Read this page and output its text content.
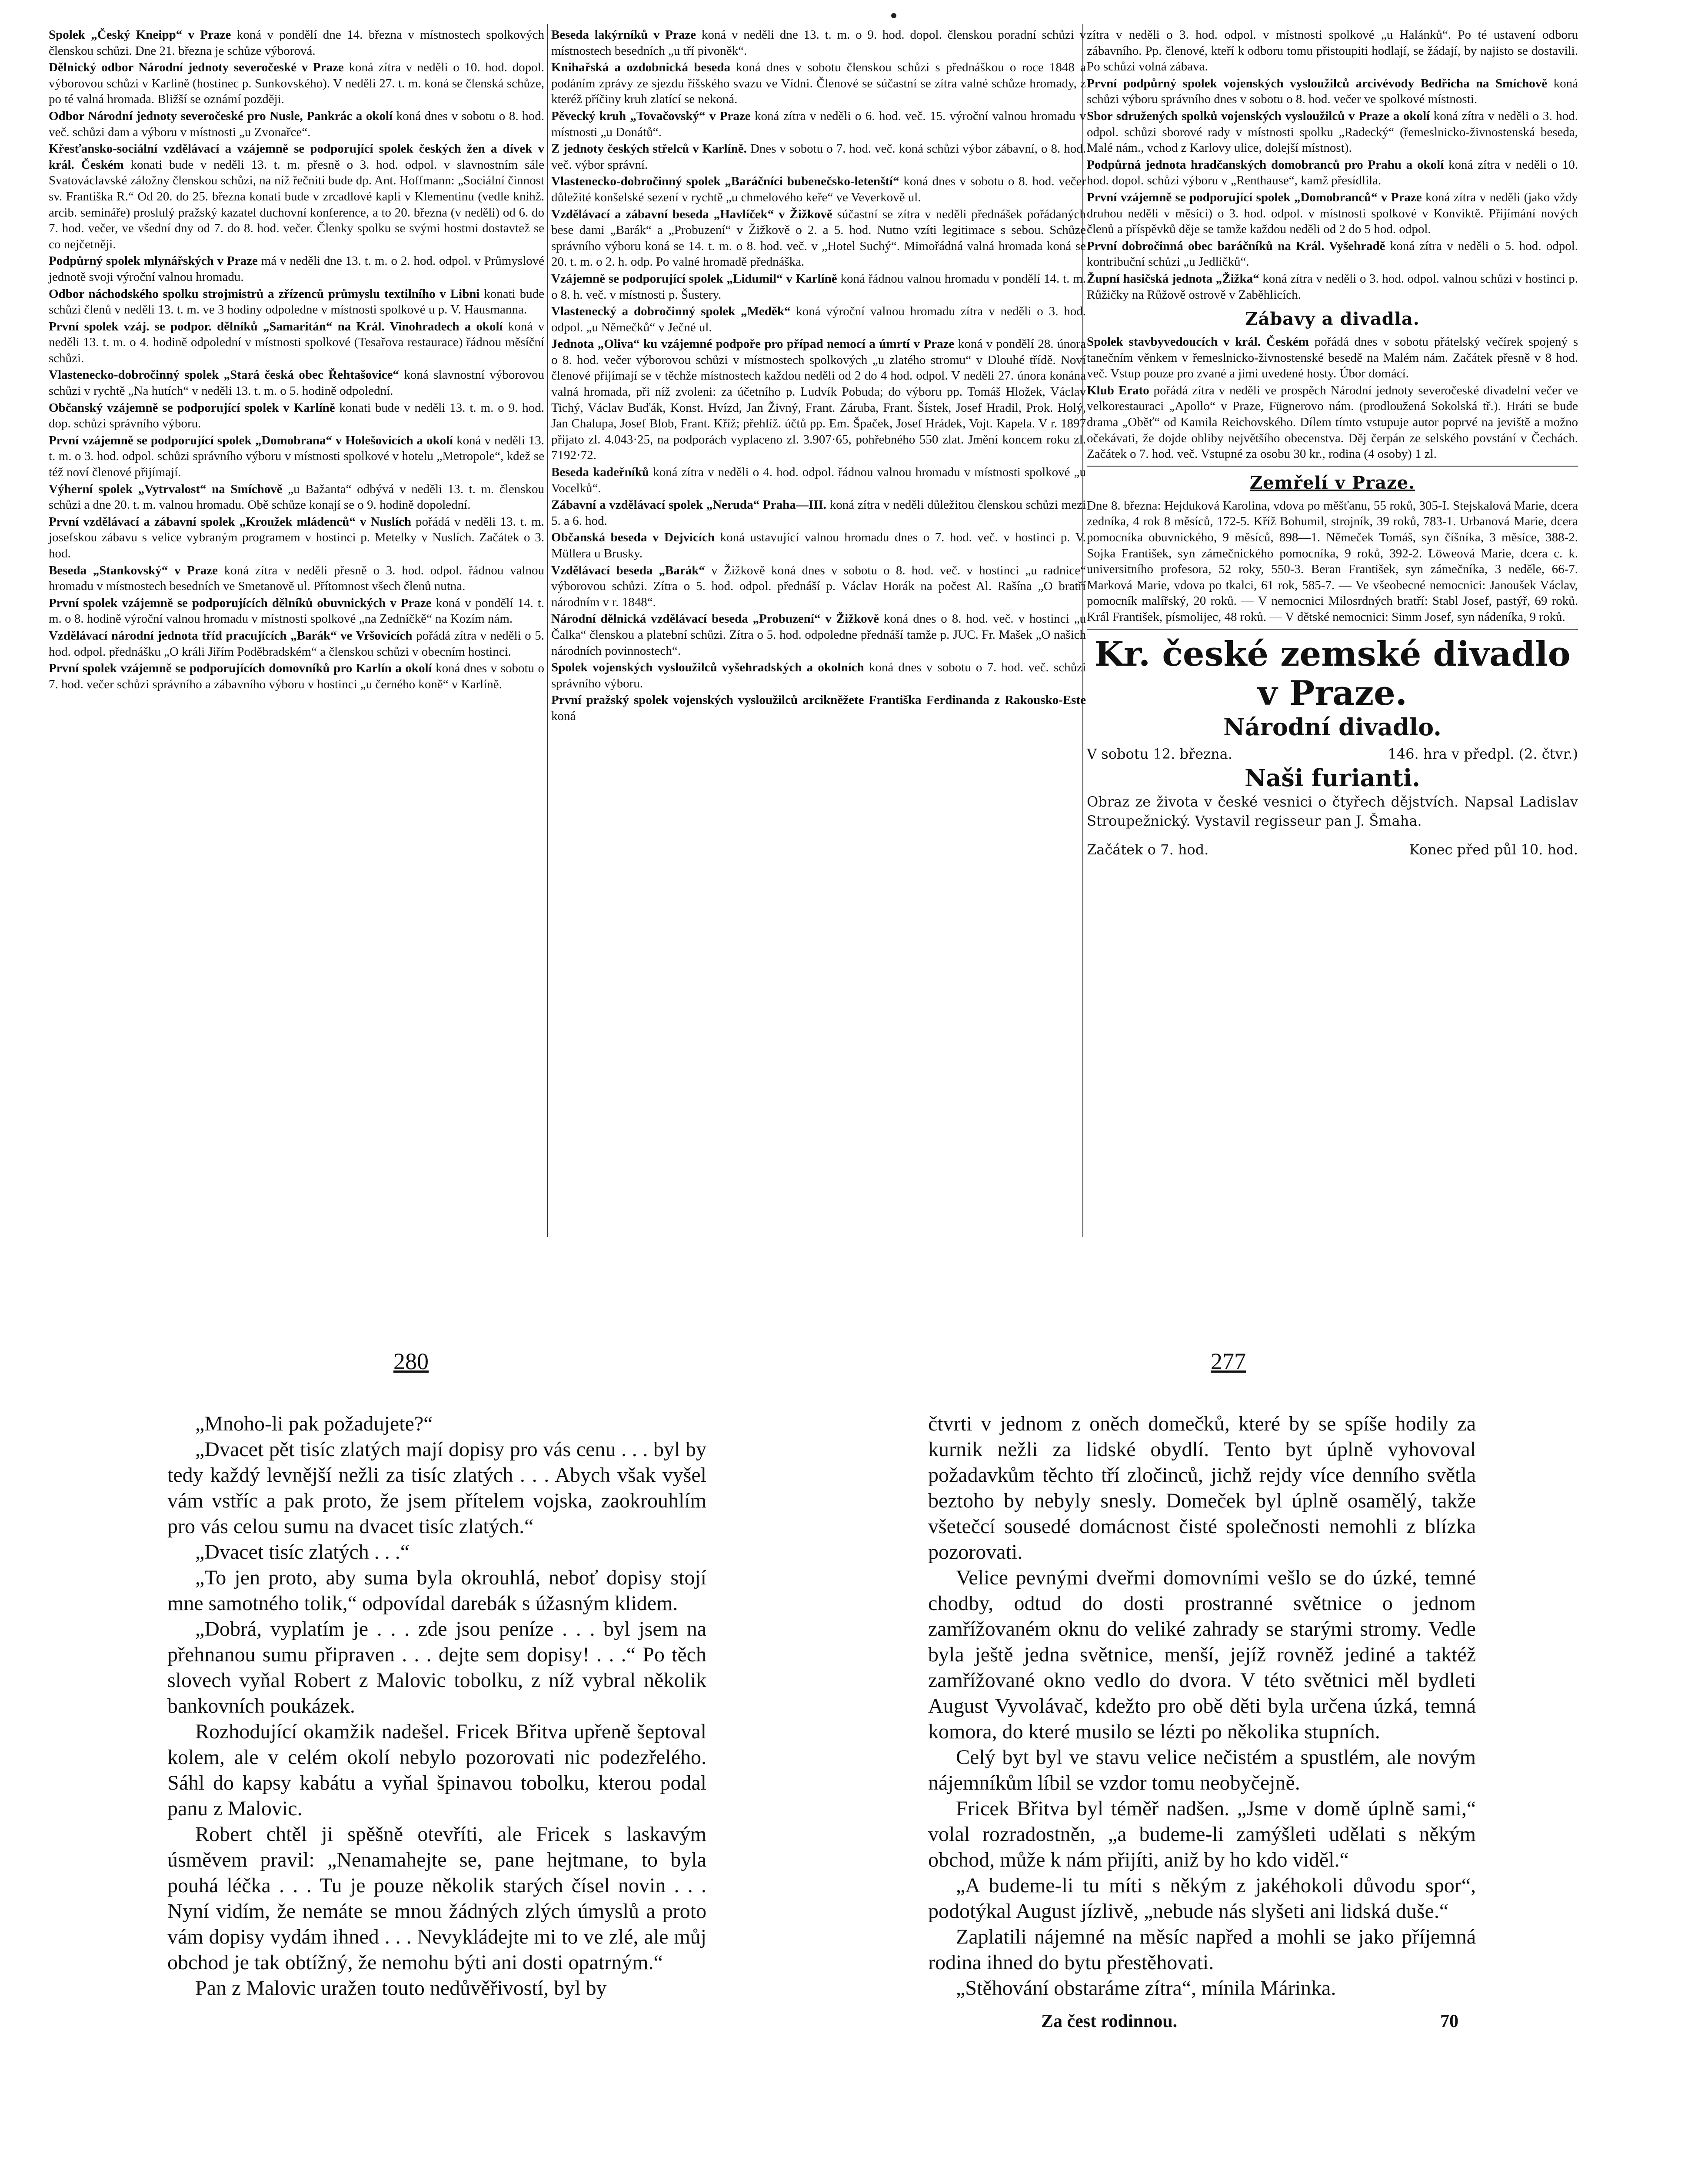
Spolek „Český Kneipp“ v Praze koná v pondělí dne 14. března v místnostech spolkových členskou schůzi. Dne 21. března je schůze výborová.
Dělnický odbor Národní jednoty severočeské v Praze koná zítra v neděli o 10. hod. dopol. výborovou schůzi v Karlině (hostinec p. Sunkovského). V neděli 27. t. m. koná se členská schůze, po té valná hromada. Bližší se oznámí později.
Odbor Národní jednoty severočeské pro Nusle, Pankrác a okolí koná dnes v sobotu o 8. hod. več. schůzi dam a výboru v místnosti „u Zvonařce“.
Křesťansko-sociální vzdělávací a vzájemně se podporující spolek českých žen a dívek v král. Českém konati bude v neděli 13. t. m. přesně o 3. hod. odpol. v slavnostním sále Svatováclavské záložny členskou schůzi, na níž řečniti bude dp. Ant. Hoffmann: „Sociální činnost sv. Františka R.“ Od 20. do 25. března konati bude v zrcadlové kapli v Klementinu (vedle knihž. arcib. semináře) proslulý pražský kazatel duchovní konference, a to 20. března (v neděli) od 6. do 7. hod. večer, ve všední dny od 7. do 8. hod. večer. Členky spolku se svými hostmi dostavtež se co nejčetněji.
Podpůrný spolek mlynářských v Praze má v neděli dne 13. t. m. o 2. hod. odpol. v Průmyslové jednotě svoji výroční valnou hromadu.
Odbor náchodského spolku strojmistrů a zřízenců průmyslu textilního v Libni konati bude schůzi členů v neděli 13. t. m. ve 3 hodiny odpoledne v místnosti spolkové u p. V. Hausmanna.
První spolek vzáj. se podpor. dělníků „Samaritán“ na Král. Vinohradech a okolí koná v neděli 13. t. m. o 4. hodině odpolední v místnosti spolkové (Tesařova restaurace) řádnou měsíční schůzi.
Vlastenecko-dobročinný spolek „Stará česká obec Řehtašovice“ koná slavnostní výborovou schůzi v rychtě „Na hutích“ v neděli 13. t. m. o 5. hodině odpolední.
Občanský vzájemně se podporující spolek v Karlíně konati bude v neděli 13. t. m. o 9. hod. dop. schůzi správního výboru.
První vzájemně se podporující spolek „Domobrana“ v Holešovicích a okolí koná v neděli 13. t. m. o 3. hod. odpol. schůzi správního výboru v místnosti spolkové v hotelu „Metropole“, kdež se též noví členové přijímají.
Výherní spolek „Vytrvalost“ na Smíchově „u Bažanta“ odbývá v neděli 13. t. m. členskou schůzi a dne 20. t. m. valnou hromadu. Obě schůze konají se o 9. hodině dopolední.
První vzdělávací a zábavní spolek „Kroužek mládenců“ v Nuslích pořádá v neděli 13. t. m. josefskou zábavu s velice vybraným programem v hostinci p. Metelky v Nuslích. Začátek o 3. hod.
Beseda „Stankovský“ v Praze koná zítra v neděli přesně o 3. hod. odpol. řádnou valnou hromadu v místnostech besedních ve Smetanově ul. Přítomnost všech členů nutna.
První spolek vzájemně se podporujících dělníků obuvnických v Praze koná v pondělí 14. t. m. o 8. hodině výroční valnou hromadu v místnosti spolkové „na Zedníčkě“ na Kozím nám.
Vzdělávací národní jednota tříd pracujících „Barák“ ve Vršovicích pořádá zítra v neděli o 5. hod. odpol. přednášku „O králi Jiřím Poděbradském“ a členskou schůzi v obecním hostinci.
První spolek vzájemně se podporujících domovníků pro Karlín a okolí koná dnes v sobotu o 7. hod. večer schůzi správního a zábavního výboru v hostinci „u černého koně“ v Karlíně.
Beseda lakýrníků v Praze koná v neděli dne 13. t. m. o 9. hod. dopol. členskou poradní schůzi v místnostech besedních „u tří pivoněk“.
Knihařská a ozdobnická beseda koná dnes v sobotu členskou schůzi s přednáškou o roce 1848 a podáním zprávy ze sjezdu říšského svazu ve Vídni. Členové se súčastní se zítra valné schůze hromady, z kteréž příčiny kruh zlatící se nekoná.
Pěvecký kruh „Tovačovský“ v Praze koná zítra v neděli o 6. hod. več. 15. výroční valnou hromadu v místnosti „u Donátů“.
Z jednoty českých střelců v Karlíně. Dnes v sobotu o 7. hod. več. koná schůzi výbor zábavní, o 8. hod. več. výbor správní.
Vlastenecko-dobročinný spolek „Baráčníci bubenečsko-letenští“ koná dnes v sobotu o 8. hod. večer důležité konšelské sezení v rychtě „u chmelového keře“ ve Veverkově ul.
Vzdělávací a zábavní beseda „Havlíček“ v Žižkově súčastní se zítra v neděli přednášek pořádaných bese dami „Barák“ a „Probuzení“ v Žižkově o 2. a 5. hod. Nutno vzíti legitimace s sebou. Schůze správního výboru koná se 14. t. m. o 8. hod. več. v „Hotel Suchý“. Mimořádná valná hromada koná se 20. t. m. o 2. h. odp. Po valné hromadě přednáška.
Vzájemně se podporující spolek „Lidumil“ v Karlíně koná řádnou valnou hromadu v pondělí 14. t. m. o 8. h. več. v místnosti p. Šustery.
Vlastenecký a dobročinný spolek „Meděk“ koná výroční valnou hromadu zítra v neděli o 3. hod. odpol. „u Němečků“ v Ječné ul.
Jednota „Oliva“ ku vzájemné podpoře pro případ nemocí a úmrtí v Praze koná v pondělí 28. února o 8. hod. večer výborovou schůzi v místnostech spolkových „u zlatého stromu“ v Dlouhé třídě. Noví členové přijímají se v těchže místnostech každou neděli od 2 do 4 hod. odpol. V neděli 27. února konána valná hromada, při níž zvoleni: za účetního p. Ludvík Pobuda; do výboru pp. Tomáš Hložek, Václav Tichý, Václav Buďák, Konst. Hvízd, Jan Živný, Frant. Záruba, Frant. Šístek, Josef Hradil, Prok. Holý, Jan Chalupa, Josef Blob, Frant. Kříž; přehlíž. účtů pp. Em. Špaček, Josef Hrádek, Vojt. Kapela. V r. 1897 přijato zl. 4.043·25, na podporách vyplaceno zl. 3.907·65, pohřebného 550 zlat. Jmění koncem roku zl. 7192·72.
Beseda kadeřníků koná zítra v neděli o 4. hod. odpol. řádnou valnou hromadu v místnosti spolkové „u Vocelků“.
Zábavní a vzdělávací spolek „Neruda“ Praha—III. koná zítra v neděli důležitou členskou schůzi mezi 5. a 6. hod.
Občanská beseda v Dejvicích koná ustavující valnou hromadu dnes o 7. hod. več. v hostinci p. V. Müllera u Brusky.
Vzdělávací beseda „Barák“ v Žižkově koná dnes v sobotu o 8. hod. več. v hostinci „u radnice“ výborovou schůzi. Zítra o 5. hod. odpol. přednáší p. Václav Horák na počest Al. Rašína „O bratří národním v r. 1848“.
Národní dělnická vzdělávací beseda „Probuzení“ v Žižkově koná dnes o 8. hod. več. v hostinci „u Čalka“ členskou a platební schůzi. Zítra o 5. hod. odpoledne přednáší tamže p. JUC. Fr. Mašek „O našich národních povinnostech“.
Spolek vojenských vysloužilců vyšehradských a okolních koná dnes v sobotu o 7. hod. več. schůzi správního výboru.
První pražský spolek vojenských vysloužilců arcikněžete Františka Ferdinanda z Rakousko-Este koná
zítra v neděli o 3. hod. odpol. v místnosti spolkové „u Halánků“. Po té ustavení odboru zábavního. Pp. členové, kteří k odboru tomu přistoupiti hodlají, se žádají, by najisto se dostavili. Po schůzi volná zábava.
První podpůrný spolek vojenských vysloužilců arcivévody Bedřicha na Smíchově koná schůzi výboru správního dnes v sobotu o 8. hod. večer ve spolkové místnosti.
Sbor sdružených spolků vojenských vysloužilců v Praze a okolí koná zítra v neděli o 3. hod. odpol. schůzi sborové rady v místnosti spolku „Radecký“ (řemeslnicko-živnostenská beseda, Malé nám., vchod z Karlovy ulice, dolejší místnost).
Podpůrná jednota hradčanských domobranců pro Prahu a okolí koná zítra v neděli o 10. hod. dopol. schůzi výboru v „Renthause“, kamž přesídlila.
První vzájemně se podporující spolek „Domobranců“ v Praze koná zítra v neděli (jako vždy druhou neděli v měsíci) o 3. hod. odpol. v místnosti spolkové v Konviktě. Přijímání nových členů a příspěvků děje se tamže každou neděli od 2 do 5 hod. odpol.
První dobročinná obec baráčníků na Král. Vyšehradě koná zítra v neděli o 5. hod. odpol. kontribuční schůzi „u Jedličků“.
Župní hasičská jednota „Žižka“ koná zítra v neděli o 3. hod. odpol. valnou schůzi v hostinci p. Růžičky na Růžově ostrově v Zaběhlicích.
Zábavy a divadla.
Spolek stavbyvedoucích v král. Českém pořádá dnes v sobotu přátelský večírek spojený s tanečním věnkem v řemeslnicko-živnostenské besedě na Malém nám. Začátek přesně v 8 hod. več. Vstup pouze pro zvané a jimi uvedené hosty. Úbor domácí.
Klub Erato pořádá zítra v neděli ve prospěch Národní jednoty severočeské divadelní večer ve velkorestauraci „Apollo“ v Praze, Fügnerovo nám. (prodloužená Sokolská tř.). Hráti se bude drama „Oběť“ od Kamila Reichovského. Dílem tímto vstupuje autor poprvé na jeviště a možno očekávati, že dojde obliby největšího obecenstva. Děj čerpán ze selského povstání v Čechách. Začátek o 7. hod. več. Vstupné za osobu 30 kr., rodina (4 osoby) 1 zl.
Zemřelí v Praze.
Dne 8. března: Hejduková Karolina, vdova po měšťanu, 55 roků, 305-I. Stejskalová Marie, dcera zedníka, 4 rok 8 měsíců, 172-5. Kříž Bohumil, strojník, 39 roků, 783-1. Urbanová Marie, dcera pomocníka obuvnického, 9 měsíců, 898—1. Němeček Tomáš, syn číšníka, 3 měsíce, 388-2. Sojka František, syn zámečnického pomocníka, 9 roků, 392-2. Löweová Marie, dcera c. k. universitního profesora, 52 roky, 550-3. Beran František, syn zámečníka, 3 neděle, 66-7. Marková Marie, vdova po tkalci, 61 rok, 585-7. — Ve všeobecné nemocnici: Janoušek Václav, pomocník malířský, 20 roků. — V nemocnici Milosrdných bratří: Stabl Josef, pastýř, 69 roků. Král František, písmolijec, 48 roků. — V dětské nemocnici: Simm Josef, syn nádeníka, 9 roků.
Kr. české zemské divadlo v Praze.
Národní divadlo.
V sobotu 12. března.	146. hra v předpl. (2. čtvr.)
Naši furianti.
Obraz ze života v české vesnici o čtyřech dějstvích. Napsal Ladislav Stroupežnický. Vystavil regisseur pan J. Šmaha.
Začátek o 7. hod.	Konec před půl 10. hod.
280	277

„Mnoho-li pak požadujete?“

„Dvacet pět tisíc zlatých mají dopisy pro vás cenu . . . byl by tedy každý levnější nežli za tisíc zlatých . . . Abych však vyšel vám vstříc a pak proto, že jsem přítelem vojska, zaokrouhlím pro vás celou sumu na dvacet tisíc zlatých.“

„Dvacet tisíc zlatých . . .“

„To jen proto, aby suma byla okrouhlá, neboť dopisy stojí mne samotného tolik,“ odpovídal darebák s úžasným klidem.

„Dobrá, vyplatím je . . . zde jsou peníze . . . byl jsem na přehnanou sumu připraven . . . dejte sem dopisy! . . .“ Po těch slovech vyňal Robert z Malovic tobolku, z níž vybral několik bankovních poukázek.

Rozhodující okamžik nadešel. Fricek Břitva upřeně šeptoval kolem, ale v celém okolí nebylo pozorovati nic podezřelého. Sáhl do kapsy kabátu a vyňal špinavou tobolku, kterou podal panu z Malovic.

Robert chtěl ji spěšně otevříti, ale Fricek s laskavým úsměvem pravil: „Nenamahejte se, pane hejtmane, to byla pouhá léčka . . . Tu je pouze několik starých čísel novin . . . Nyní vidím, že nemáte se mnou žádných zlých úmyslů a proto vám dopisy vydám ihned . . . Nevykládejte mi to ve zlé, ale můj obchod je tak obtížný, že nemohu býti ani dosti opatrným.“

Pan z Malovic uražen touto nedůvěřivostí, byl by

čtvrti v jednom z oněch domečků, které by se spíše hodily za kurnik nežli za lidské obydlí. Tento byt úplně vyhovoval požadavkům těchto tří zločinců, jichž rejdy více denního světla beztoho by nebyly snesly. Domeček byl úplně osamělý, takže všetečcí sousedé domácnost čisté společnosti nemohli z blízka pozorovati.

Velice pevnými dveřmi domovními vešlo se do úzké, temné chodby, odtud do dosti prostranné světnice o jednom zamřížovaném oknu do veliké zahrady se starými stromy. Vedle byla ještě jedna světnice, menší, jejíž rovněž jediné a taktéž zamřížované okno vedlo do dvora. V této světnici měl bydleti August Vyvolávač, kdežto pro obě děti byla určena úzká, temná komora, do které musilo se lézti po několika stupních.

Celý byt byl ve stavu velice nečistém a spustlém, ale novým nájemníkům líbil se vzdor tomu neobyčejně.

Fricek Břitva byl téměř nadšen. „Jsme v domě úplně sami,“ volal rozradostněn, „a budeme-li zamýšleti udělati s někým obchod, může k nám přijíti, aniž by ho kdo viděl.“

„A budeme-li tu míti s někým z jakéhokoli důvodu spor“, podotýkal August jízlivě, „nebude nás slyšeti ani lidská duše.“

Zaplatili nájemné na měsíc napřed a mohli se jako příjemná rodina ihned do bytu přestěhovati.

„Stěhování obstaráme zítra“, mínila Márinka.

Za čest rodinnou.	70
